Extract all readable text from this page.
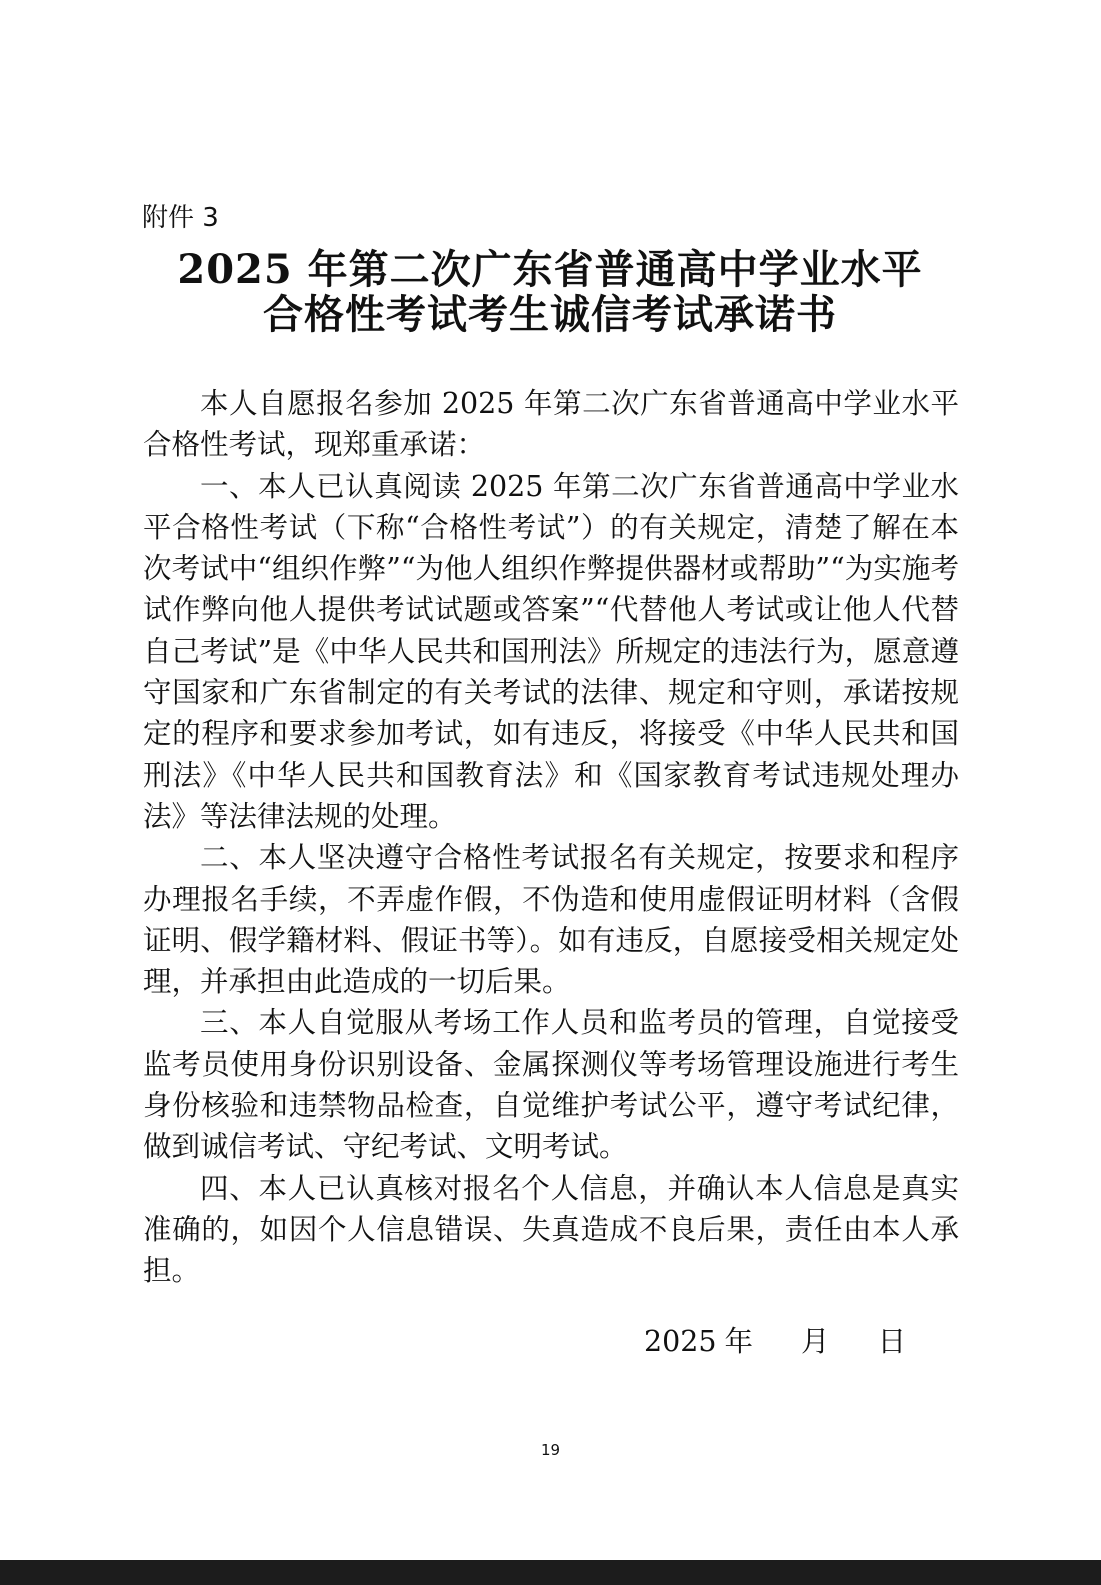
附件 3
2025 年第二次广东省普通高中学业水平
合格性考试考生诚信考试承诺书

本人自愿报名参加 2025 年第二次广东省普通高中学业水平合格性考试，现郑重承诺：

一、本人已认真阅读 2025 年第二次广东省普通高中学业水平合格性考试（下称“合格性考试”）的有关规定，清楚了解在本次考试中“组织作弊”“为他人组织作弊提供器材或帮助”“为实施考试作弊向他人提供考试试题或答案”“代替他人考试或让他人代替自己考试”是《中华人民共和国刑法》所规定的违法行为，愿意遵守国家和广东省制定的有关考试的法律、规定和守则，承诺按规定的程序和要求参加考试，如有违反，将接受《中华人民共和国刑法》《中华人民共和国教育法》和《国家教育考试违规处理办法》等法律法规的处理。

二、本人坚决遵守合格性考试报名有关规定，按要求和程序办理报名手续，不弄虚作假，不伪造和使用虚假证明材料（含假证明、假学籍材料、假证书等）。如有违反，自愿接受相关规定处理，并承担由此造成的一切后果。

三、本人自觉服从考场工作人员和监考员的管理，自觉接受监考员使用身份识别设备、金属探测仪等考场管理设施进行考生身份核验和违禁物品检查，自觉维护考试公平，遵守考试纪律，做到诚信考试、守纪考试、文明考试。

四、本人已认真核对报名个人信息，并确认本人信息是真实准确的，如因个人信息错误、失真造成不良后果，责任由本人承担。

2025 年 月 日
19
